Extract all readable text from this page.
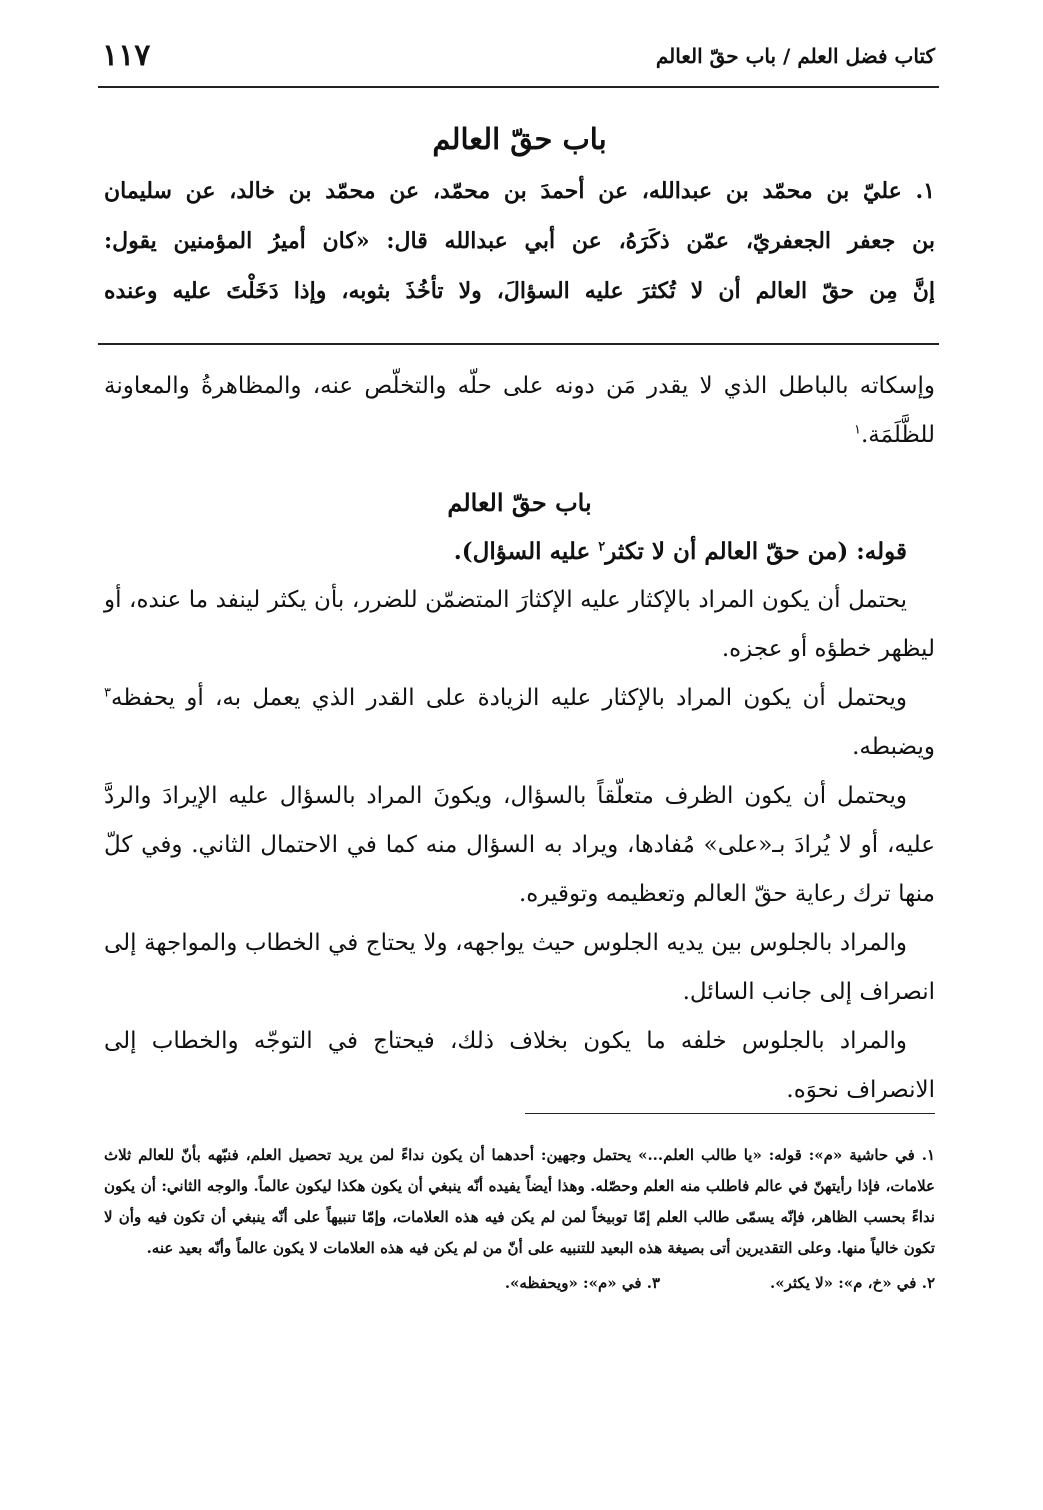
١١٧	كتاب فضل العلم / باب حقّ العالم
باب حقّ العالم

١. عليّ بن محمّد بن عبدالله، عن أحمدَ بن محمّد، عن محمّد بن خالد، عن سليمان

بن جعفر الجعفريّ، عمّن ذكَرَهُ، عن أبي عبدالله قال: «كان أميرُ المؤمنين يقول:

إنَّ مِن حقّ العالم أن لا تُكثرَ عليه السؤالَ، ولا تأخُذَ بثوبه، وإذا دَخَلْتَ عليه وعنده

وإسكاته بالباطل الذي لا يقدر مَن دونه على حلّه والتخلّص عنه، والمظاهرةُ والمعاونة للظَّلَمَة.$^١$

باب حقّ العالم

قوله: (من حقّ العالم أن لا تكثر$^٢$ عليه السؤال).

يحتمل أن يكون المراد بالإكثار عليه الإكثارَ المتضمّن للضرر، بأن يكثر لينفد ما عنده، أو ليظهر خطؤه أو عجزه.

ويحتمل أن يكون المراد بالإكثار عليه الزيادة على القدر الذي يعمل به، أو يحفظه$^٣$ ويضبطه.

ويحتمل أن يكون الظرف متعلّقاً بالسؤال، ويكونَ المراد بالسؤال عليه الإيرادَ والردَّ عليه، أو لا يُرادَ بـ«على» مُفادها، ويراد به السؤال منه كما في الاحتمال الثاني. وفي كلّ منها ترك رعاية حقّ العالم وتعظيمه وتوقيره.

والمراد بالجلوس بين يديه الجلوس حيث يواجهه، ولا يحتاج في الخطاب والمواجهة إلى انصراف إلى جانب السائل.

والمراد بالجلوس خلفه ما يكون بخلاف ذلك، فيحتاج في التوجّه والخطاب إلى الانصراف نحوَه.

١. في حاشية «م»: قوله: «يا طالب العلم...» يحتمل وجهين: أحدهما أن يكون نداءً لمن يريد تحصيل العلم، فنبّهه بأنّ للعالم ثلاث علامات، فإذا رأيتهنّ في عالم فاطلب منه العلم وحصّله. وهذا أيضاً يفيده أنّه ينبغي أن يكون هكذا ليكون عالماً. والوجه الثاني: أن يكون نداءً بحسب الظاهر، فإنّه يسمّى طالب العلم إمّا توبيخاً لمن لم يكن فيه هذه العلامات، وإمّا تنبيهاً على أنّه ينبغي أن تكون فيه وأن لا تكون خالياً منها. وعلى التقديرين أتى بصيغة هذه البعيد للتنبيه على أنّ من لم يكن فيه هذه العلامات لا يكون عالماً وأنّه بعيد عنه.

٢. في «خ، م»: «لا يكثر».
٣. في «م»: «ويحفظه».
